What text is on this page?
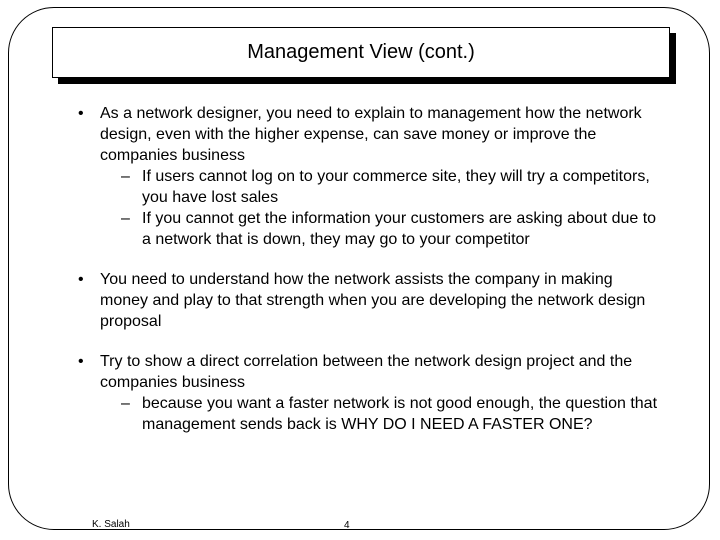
Management View (cont.)
• As a network designer, you need to explain to management how the network design, even with the higher expense, can save money or improve the companies business
– If users cannot log on to your commerce site, they will try a competitors, you have lost sales
– If you cannot get the information your customers are asking about due to a network that is down, they may go to your competitor
• You need to understand how the network assists the company in making money and play to that strength when you are developing the network design proposal
• Try to show a direct correlation between the network design project and the companies business
– because you want a faster network is not good enough, the question that management sends back is WHY DO I NEED A FASTER ONE?
K. Salah	4
